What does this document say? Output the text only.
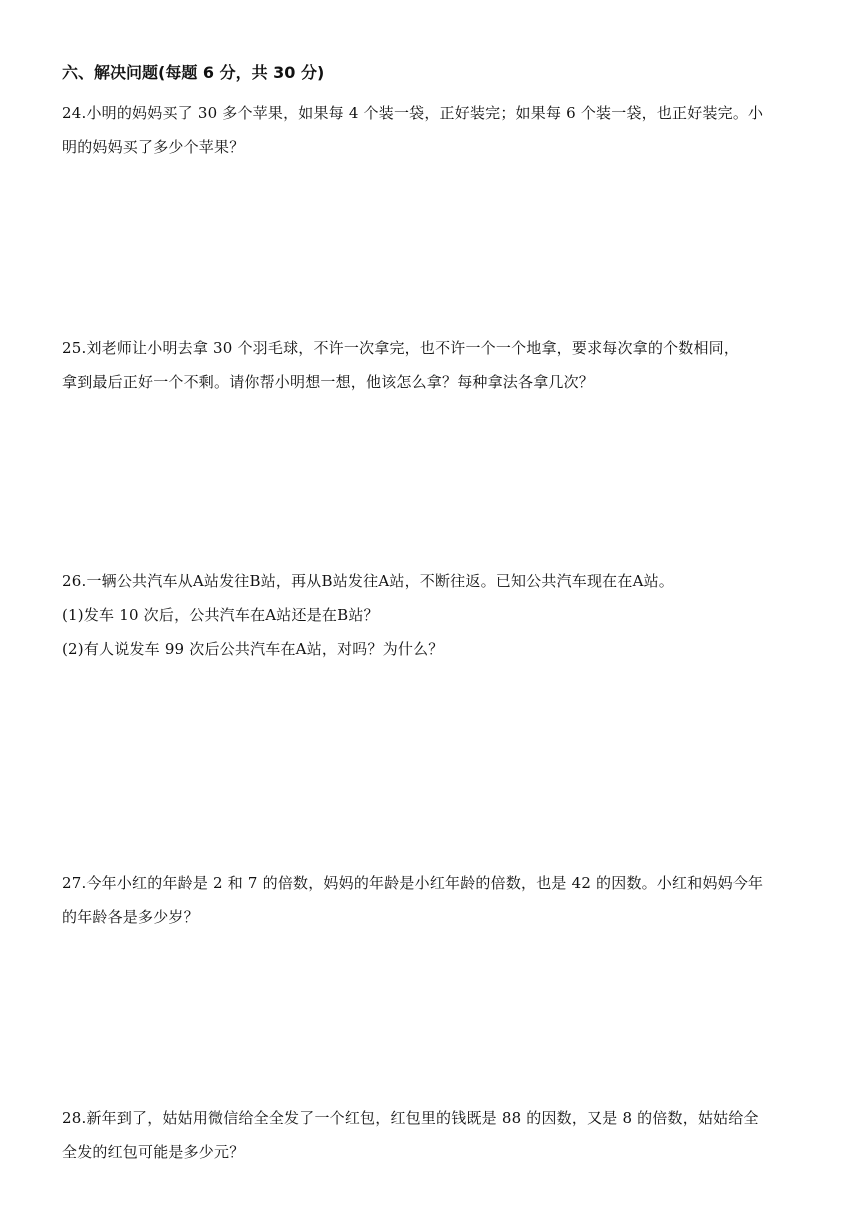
六、解决问题(每题 6 分，共 30 分)
24.小明的妈妈买了 30 多个苹果，如果每 4 个装一袋，正好装完；如果每 6 个装一袋，也正好装完。小
明的妈妈买了多少个苹果？
25.刘老师让小明去拿 30 个羽毛球，不许一次拿完，也不许一个一个地拿，要求每次拿的个数相同，
拿到最后正好一个不剩。请你帮小明想一想，他该怎么拿？每种拿法各拿几次？
26.一辆公共汽车从A站发往B站，再从B站发往A站，不断往返。已知公共汽车现在在A站。
(1)发车 10 次后，公共汽车在A站还是在B站？
(2)有人说发车 99 次后公共汽车在A站，对吗？为什么？
27.今年小红的年龄是 2 和 7 的倍数，妈妈的年龄是小红年龄的倍数，也是 42 的因数。小红和妈妈今年
的年龄各是多少岁？
28.新年到了，姑姑用微信给全全发了一个红包，红包里的钱既是 88 的因数，又是 8 的倍数，姑姑给全
全发的红包可能是多少元？
